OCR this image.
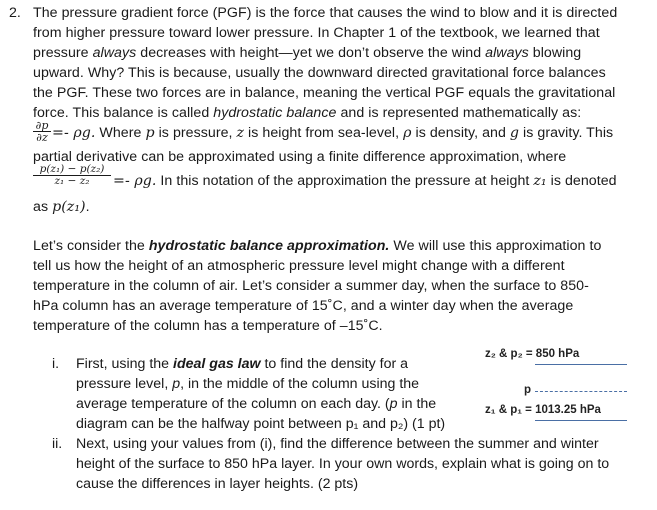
2. The pressure gradient force (PGF) is the force that causes the wind to blow and it is directed
from higher pressure toward lower pressure. In Chapter 1 of the textbook, we learned that
pressure always decreases with height—yet we don’t observe the wind always blowing
upward. Why? This is because, usually the downward directed gravitational force balances
the PGF. These two forces are in balance, meaning the vertical PGF equals the gravitational
force. This balance is called hydrostatic balance and is represented mathematically as:
∂p
∂z =- ρg. Where p is pressure, z is height from sea-level, ρ is density, and g is gravity. This
partial derivative can be approximated using a finite difference approximation, where
p(z₁) − p(z₂)
z₁ − z₂	=- ρg. In this notation of the approximation the pressure at height z₁ is denoted
as p(z₁).
Let’s consider the hydrostatic balance approximation. We will use this approximation to
tell us how the height of an atmospheric pressure level might change with a different
temperature in the column of air. Let’s consider a summer day, when the surface to 850-
hPa column has an average temperature of 15˚C, and a winter day when the average
temperature of the column has a temperature of –15˚C.
i. First, using the ideal gas law to find the density for a
pressure level, p, in the middle of the column using the
average temperature of the column on each day. (p in the
diagram can be the halfway point between p₁ and p₂) (1 pt)
z₂ & p₂ = 850 hPa
p
z₁ & p₁ = 1013.25 hPa
ii. Next, using your values from (i), find the difference between the summer and winter
height of the surface to 850 hPa layer. In your own words, explain what is going on to
cause the differences in layer heights. (2 pts)
